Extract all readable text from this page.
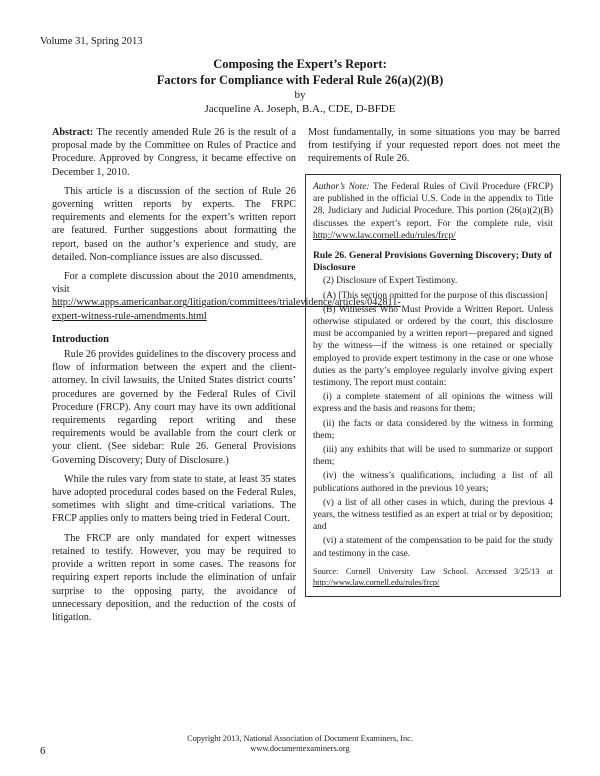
Volume 31, Spring 2013
Composing the Expert’s Report:
Factors for Compliance with Federal Rule 26(a)(2)(B)
by
Jacqueline A. Joseph, B.A., CDE, D-BFDE

Abstract: The recently amended Rule 26 is the result of a proposal made by the Committee on Rules of Practice and Procedure. Approved by Congress, it became effective on December 1, 2010.

This article is a discussion of the section of Rule 26 governing written reports by experts. The FRPC requirements and elements for the expert’s written report are featured. Further suggestions about formatting the report, based on the author’s experience and study, are detailed. Non-compliance issues are also discussed.

For a complete discussion about the 2010 amendments, visit http://www.apps.americanbar.org/litigation/committees/trialevidence/articles/042811-expert-witness-rule-amendments.html

Introduction

Rule 26 provides guidelines to the discovery process and flow of information between the expert and the client-attorney. In civil lawsuits, the United States district courts’ procedures are governed by the Federal Rules of Civil Procedure (FRCP). Any court may have its own additional requirements regarding report writing and these requirements would be available from the court clerk or your client. (See sidebar: Rule 26. General Provisions Governing Discovery; Duty of Disclosure.)

While the rules vary from state to state, at least 35 states have adopted procedural codes based on the Federal Rules, sometimes with slight and time-critical variations. The FRCP applies only to matters being tried in Federal Court.

The FRCP are only mandated for expert witnesses retained to testify. However, you may be required to provide a written report in some cases. The reasons for requiring expert reports include the elimination of unfair surprise to the opposing party, the avoidance of unnecessary deposition, and the reduction of the costs of litigation.

Most fundamentally, in some situations you may be barred from testifying if your requested report does not meet the requirements of Rule 26.

Author’s Note: The Federal Rules of Civil Procedure (FRCP) are published in the official U.S. Code in the appendix to Title 28, Judiciary and Judicial Procedure. This portion (26(a)(2)(B) discusses the expert’s report. For the complete rule, visit http://www.law.cornell.edu/rules/frcp/

Rule 26. General Provisions Governing Discovery; Duty of Disclosure

(2) Disclosure of Expert Testimony.

(A) [This section omitted for the purpose of this discussion]

(B) Witnesses Who Must Provide a Written Report. Unless otherwise stipulated or ordered by the court, this disclosure must be accompanied by a written report—prepared and signed by the witness—if the witness is one retained or specially employed to provide expert testimony in the case or one whose duties as the party’s employee regularly involve giving expert testimony. The report must contain:

(i) a complete statement of all opinions the witness will express and the basis and reasons for them;

(ii) the facts or data considered by the witness in forming them;

(iii) any exhibits that will be used to summarize or support them;

(iv) the witness’s qualifications, including a list of all publications authored in the previous 10 years;

(v) a list of all other cases in which, during the previous 4 years, the witness testified as an expert at trial or by deposition; and

(vi) a statement of the compensation to be paid for the study and testimony in the case.

Source: Cornell University Law School. Accessed 3/25/13 at http://www.law.cornell.edu/rules/frcp/

Copyright 2013, National Association of Document Examiners, Inc.
www.documentexaminers.org
6
